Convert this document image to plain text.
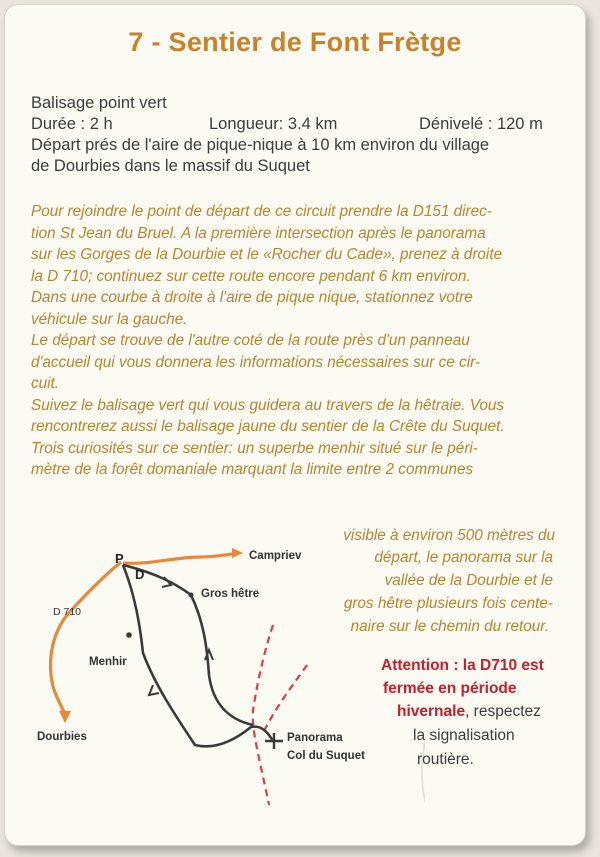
7 - Sentier de Font Frètge
Balisage point vert
Durée : 2 h	Longueur: 3.4 km	Dénivelé : 120 m
Départ prés de l'aire de pique-nique à 10 km environ du village
de Dourbies dans le massif du Suquet

Pour rejoindre le point de départ de ce circuit prendre la D151 direc-

tion St Jean du Bruel. A la première intersection après le panorama

sur les Gorges de la Dourbie et le «Rocher du Cade», prenez à droite

la D 710; continuez sur cette route encore pendant 6 km environ.

Dans une courbe à droite à l'aire de pique nique, stationnez votre

véhicule sur la gauche.

Le départ se trouve de l'autre coté de la route près d'un panneau

d'accueil qui vous donnera les informations nécessaires sur ce cir-

cuit.

Suivez le balisage vert qui vous guidera au travers de la hêtraie. Vous

rencontrerez aussi le balisage jaune du sentier de la Crête du Suquet.

Trois curiosités sur ce sentier: un superbe menhir situé sur le péri-

mètre de la forêt domaniale marquant la limite entre 2 communes

visible à environ 500 mètres du
départ, le panorama sur la
vallée de la Dourbie et le
gros hêtre plusieurs fois cente-
naire sur le chemin du retour.
P
D
Campriev
Gros hêtre
D 710
Menhir
Dourbies	Panorama
Col du Suquet
Attention : la D710 est
fermée en période
hivernale, respectez
la signalisation
routière.
